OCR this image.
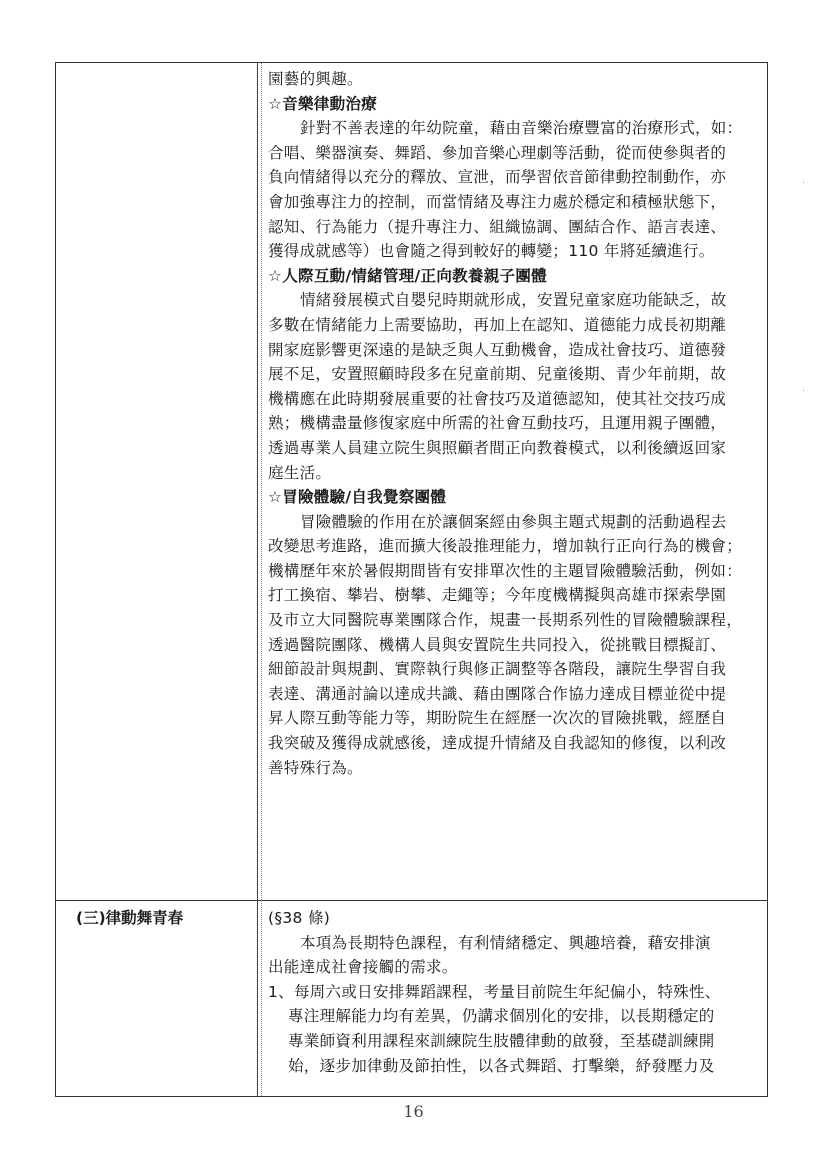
園藝的興趣。
☆音樂律動治療
針對不善表達的年幼院童，藉由音樂治療豐富的治療形式，如：
合唱、樂器演奏、舞蹈、參加音樂心理劇等活動，從而使參與者的
負向情緒得以充分的釋放、宣泄，而學習依音節律動控制動作，亦
會加強專注力的控制，而當情緒及專注力處於穩定和積極狀態下，
認知、行為能力（提升專注力、組織協調、團結合作、語言表達、
獲得成就感等）也會隨之得到較好的轉變；110 年將延續進行。
☆人際互動/情緒管理/正向教養親子團體
情緒發展模式自嬰兒時期就形成，安置兒童家庭功能缺乏，故
多數在情緒能力上需要協助，再加上在認知、道德能力成長初期離
開家庭影響更深遠的是缺乏與人互動機會，造成社會技巧、道德發
展不足，安置照顧時段多在兒童前期、兒童後期、青少年前期，故
機構應在此時期發展重要的社會技巧及道德認知，使其社交技巧成
熟；機構盡量修復家庭中所需的社會互動技巧，且運用親子團體，
透過專業人員建立院生與照顧者間正向教養模式，以利後續返回家
庭生活。
☆冒險體驗/自我覺察團體
冒險體驗的作用在於讓個案經由參與主題式規劃的活動過程去
改變思考進路，進而擴大後設推理能力，增加執行正向行為的機會；
機構歷年來於暑假期間皆有安排單次性的主題冒險體驗活動，例如：
打工換宿、攀岩、樹攀、走繩等；今年度機構擬與高雄市探索學園
及市立大同醫院專業團隊合作，規畫一長期系列性的冒險體驗課程，
透過醫院團隊、機構人員與安置院生共同投入，從挑戰目標擬訂、
細節設計與規劃、實際執行與修正調整等各階段，讓院生學習自我
表達、溝通討論以達成共識、藉由團隊合作協力達成目標並從中提
昇人際互動等能力等，期盼院生在經歷一次次的冒險挑戰，經歷自
我突破及獲得成就感後，達成提升情緒及自我認知的修復，以利改
善特殊行為。
(三)律動舞青春	(§38 條)
本項為長期特色課程，有利情緒穩定、興趣培養，藉安排演
出能達成社會接觸的需求。
1、每周六或日安排舞蹈課程，考量目前院生年紀偏小，特殊性、
專注理解能力均有差異，仍講求個別化的安排，以長期穩定的
專業師資利用課程來訓練院生肢體律動的啟發，至基礎訓練開
始，逐步加律動及節拍性，以各式舞蹈、打擊樂，紓發壓力及
·
·
16
